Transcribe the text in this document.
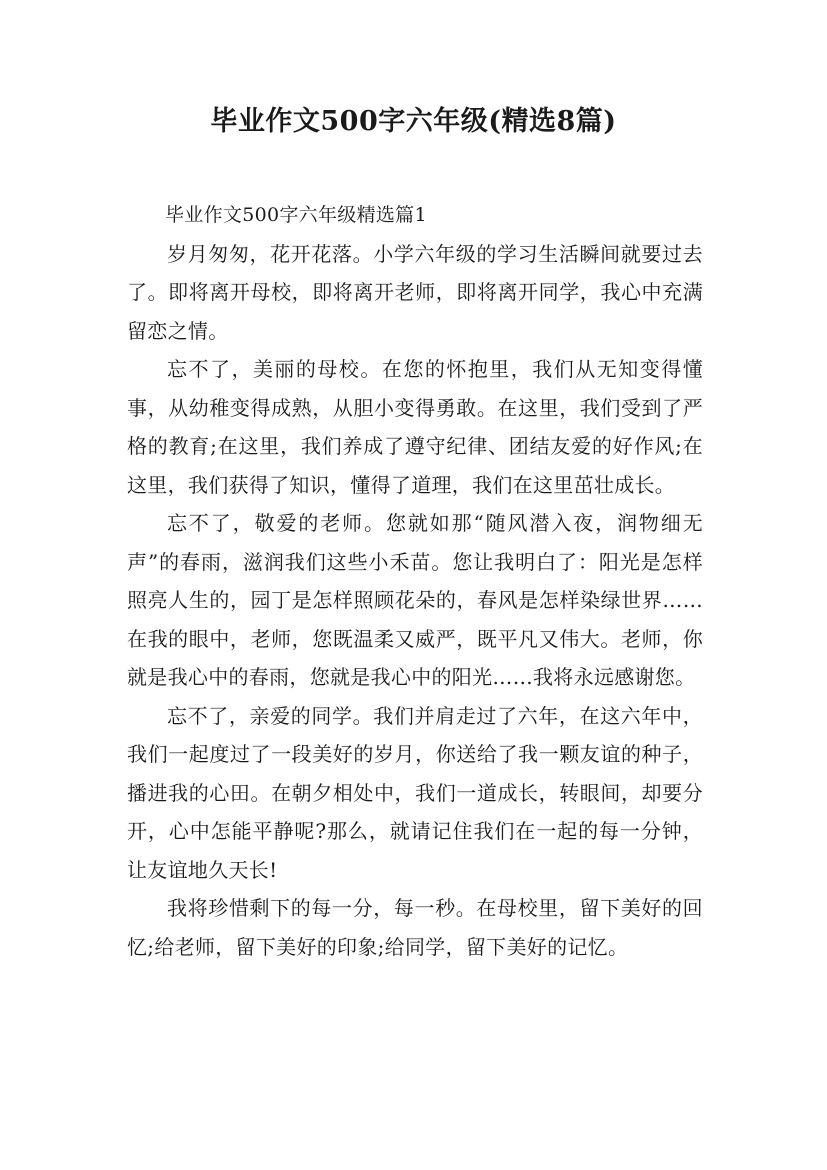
毕业作文500字六年级(精选8篇)

毕业作文500字六年级精选篇1

岁月匆匆，花开花落。小学六年级的学习生活瞬间就要过去了。即将离开母校，即将离开老师，即将离开同学，我心中充满留恋之情。

忘不了，美丽的母校。在您的怀抱里，我们从无知变得懂事，从幼稚变得成熟，从胆小变得勇敢。在这里，我们受到了严格的教育;在这里，我们养成了遵守纪律、团结友爱的好作风;在这里，我们获得了知识，懂得了道理，我们在这里茁壮成长。

忘不了，敬爱的老师。您就如那“随风潜入夜，润物细无声”的春雨，滋润我们这些小禾苗。您让我明白了：阳光是怎样照亮人生的，园丁是怎样照顾花朵的，春风是怎样染绿世界……在我的眼中，老师，您既温柔又威严，既平凡又伟大。老师，你就是我心中的春雨，您就是我心中的阳光……我将永远感谢您。

忘不了，亲爱的同学。我们并肩走过了六年，在这六年中，我们一起度过了一段美好的岁月，你送给了我一颗友谊的种子，播进我的心田。在朝夕相处中，我们一道成长，转眼间，却要分开，心中怎能平静呢?那么，就请记住我们在一起的每一分钟，让友谊地久天长!

我将珍惜剩下的每一分，每一秒。在母校里，留下美好的回忆;给老师，留下美好的印象;给同学，留下美好的记忆。
